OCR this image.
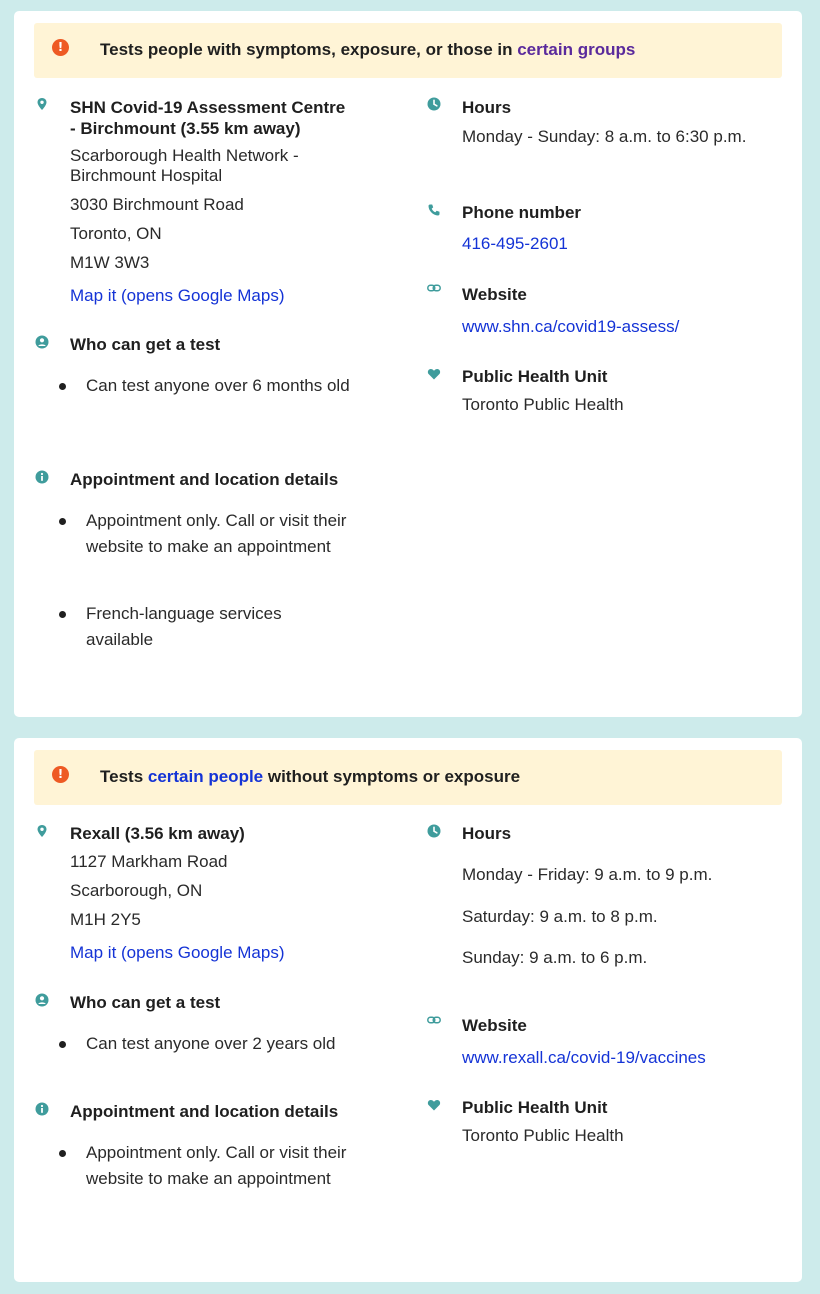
!	Tests people with symptoms, exposure, or those in certain groups
SHN Covid-19 Assessment Centre
- Birchmount (3.55 km away)
Scarborough Health Network -
Birchmount Hospital
3030 Birchmount Road
Toronto, ON
M1W 3W3
Map it (opens Google Maps)
Who can get a test
Can test anyone over 6 months old
Appointment and location details
Appointment only. Call or visit their website to make an appointment
French-language services available
Hours
Monday - Sunday: 8 a.m. to 6:30 p.m.
Phone number
416-495-2601
Website
www.shn.ca/covid19-assess/
Public Health Unit
Toronto Public Health
!	Tests certain people without symptoms or exposure
Rexall (3.56 km away)
1127 Markham Road
Scarborough, ON
M1H 2Y5
Map it (opens Google Maps)
Who can get a test
Can test anyone over 2 years old
Appointment and location details
Appointment only. Call or visit their website to make an appointment
Hours
Monday - Friday: 9 a.m. to 9 p.m.
Saturday: 9 a.m. to 8 p.m.
Sunday: 9 a.m. to 6 p.m.
Website
www.rexall.ca/covid-19/vaccines
Public Health Unit
Toronto Public Health
